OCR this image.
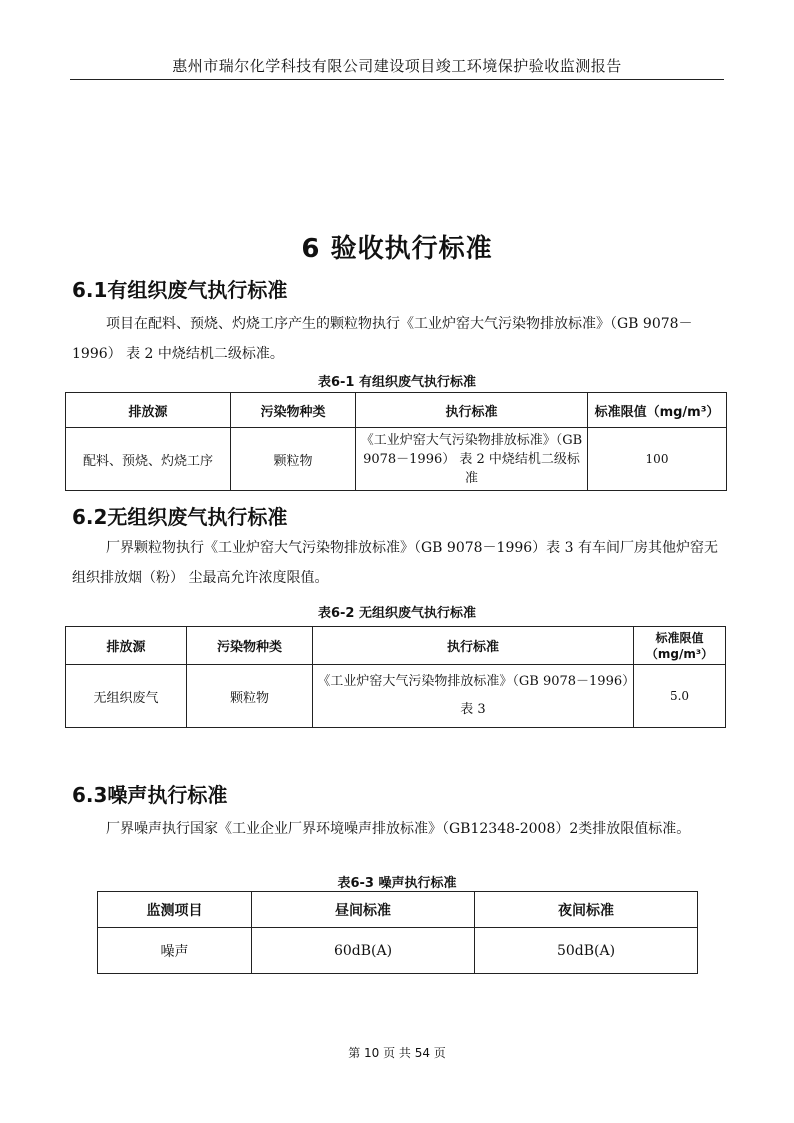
惠州市瑞尔化学科技有限公司建设项目竣工环境保护验收监测报告
6 验收执行标准
6.1有组织废气执行标准
项目在配料、预烧、灼烧工序产生的颗粒物执行《工业炉窑大气污染物排放标准》（GB 9078－1996） 表 2 中烧结机二级标准。
表6-1 有组织废气执行标准
排放源	污染物种类	执行标准	标准限值（mg/m³）
配料、预烧、灼烧工序	颗粒物	《工业炉窑大气污染物排放标准》（GB 9078－1996） 表 2 中烧结机二级标准	100
6.2无组织废气执行标准
厂界颗粒物执行《工业炉窑大气污染物排放标准》（GB 9078－1996）表 3 有车间厂房其他炉窑无组织排放烟（粉） 尘最高允许浓度限值。
表6-2 无组织废气执行标准
排放源	污染物种类	执行标准	标准限值（mg/m³）
无组织废气	颗粒物	《工业炉窑大气污染物排放标准》（GB 9078－1996）表 3	5.0
6.3噪声执行标准
厂界噪声执行国家《工业企业厂界环境噪声排放标准》（GB12348-2008）2类排放限值标准。
表6-3 噪声执行标准
监测项目	昼间标准	夜间标准
噪声	60dB(A)	50dB(A)
第 10 页 共 54 页
